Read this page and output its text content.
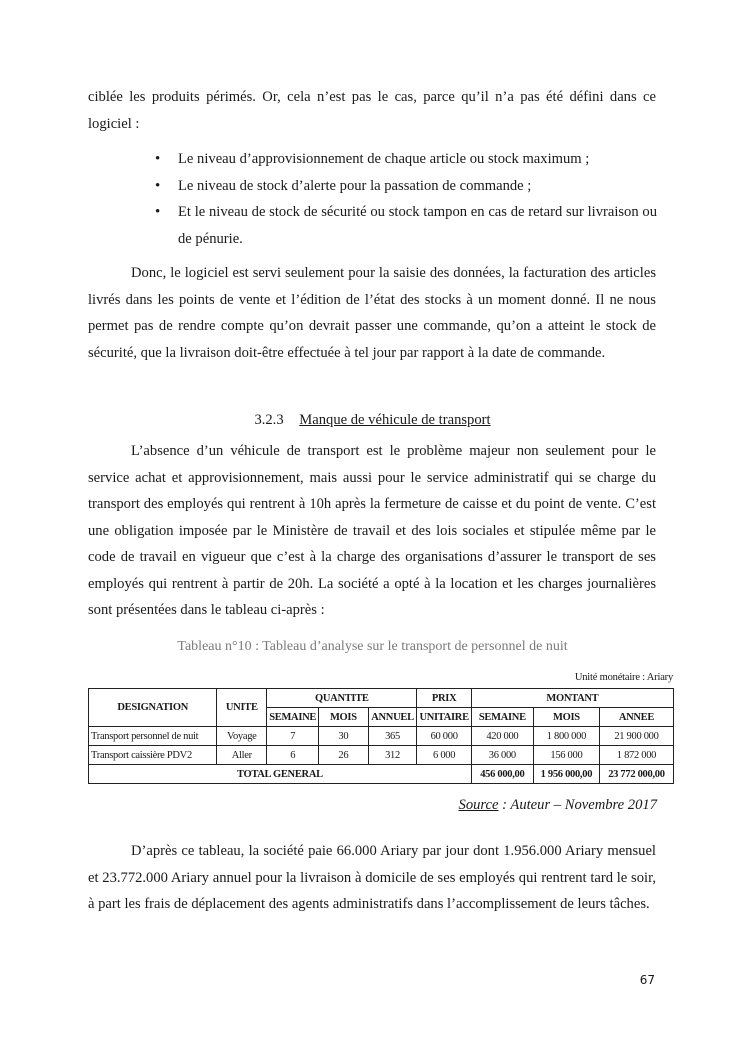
ciblée les produits périmés. Or, cela n’est pas le cas, parce qu’il n’a pas été défini dans ce logiciel :

• Le niveau d’approvisionnement de chaque article ou stock maximum ;
• Le niveau de stock d’alerte pour la passation de commande ;
• Et le niveau de stock de sécurité ou stock tampon en cas de retard sur livraison ou de pénurie.

Donc, le logiciel est servi seulement pour la saisie des données, la facturation des articles livrés dans les points de vente et l’édition de l’état des stocks à un moment donné. Il ne nous permet pas de rendre compte qu’on devrait passer une commande, qu’on a atteint le stock de sécurité, que la livraison doit-être effectuée à tel jour par rapport à la date de commande.

3.2.3 Manque de véhicule de transport

L’absence d’un véhicule de transport est le problème majeur non seulement pour le service achat et approvisionnement, mais aussi pour le service administratif qui se charge du transport des employés qui rentrent à 10h après la fermeture de caisse et du point de vente. C’est une obligation imposée par le Ministère de travail et des lois sociales et stipulée même par le code de travail en vigueur que c’est à la charge des organisations d’assurer le transport de ses employés qui rentrent à partir de 20h. La société a opté à la location et les charges journalières sont présentées dans le tableau ci-après :

Tableau n°10 : Tableau d’analyse sur le transport de personnel de nuit
Unité monétaire : Ariary
DESIGNATION	UNITE	QUANTITE			PRIX	MONTANT		
		SEMAINE	MOIS	ANNUEL	UNITAIRE	SEMAINE	MOIS	ANNEE
Transport personnel de nuit	Voyage	7	30	365	60 000	420 000	1 800 000	21 900 000
Transport caissière PDV2	Aller	6	26	312	6 000	36 000	156 000	1 872 000
TOTAL GENERAL						456 000,00	1 956 000,00	23 772 000,00
Source : Auteur – Novembre 2017

D’après ce tableau, la société paie 66.000 Ariary par jour dont 1.956.000 Ariary mensuel et 23.772.000 Ariary annuel pour la livraison à domicile de ses employés qui rentrent tard le soir, à part les frais de déplacement des agents administratifs dans l’accomplissement de leurs tâches.

67
